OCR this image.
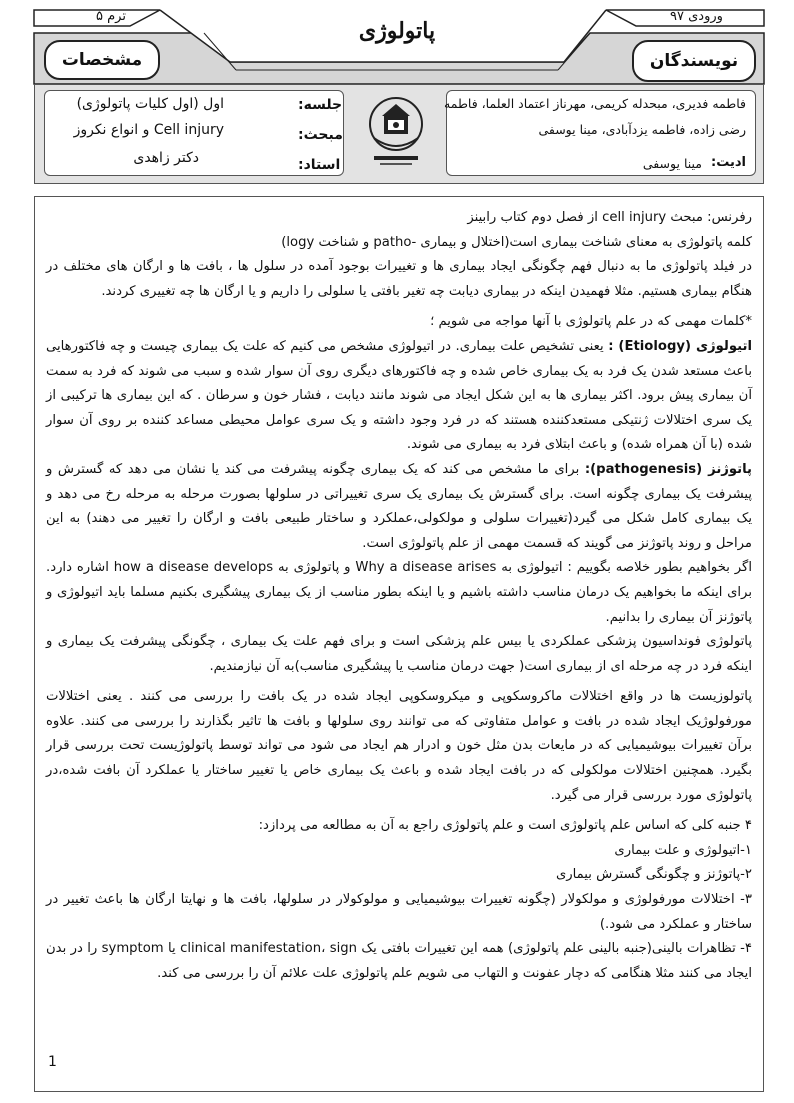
ترم ۵	ورودی ۹۷
پاتولوژی
مشخصات	نویسندگان
جلسه:
اول (اول کلیات پاتولوژی)
مبحث:
Cell injury و انواع نکروز
استاد:
دکتر زاهدی
فاطمه فدیری، مبحدله کریمی، مهرناز اعتماد العلما، فاطمه
رضی زاده، فاطمه یزدآبادی، مینا یوسفی
ادیت:
مینا یوسفی

رفرنس: مبحث cell injury از فصل دوم کتاب رابینز

کلمه پاتولوژی به معنای شناخت بیماری است(اختلال و بیماری -patho و شناخت logy)

در فیلد پاتولوژی ما به دنبال فهم چگونگی ایجاد بیماری ها و تغییرات بوجود آمده در سلول ها ، بافت ها و ارگان های مختلف در هنگام بیماری هستیم. مثلا فهمیدن اینکه در بیماری دیابت چه تغیر بافتی یا سلولی را داریم و یا ارگان ها چه تغییری کردند.

*کلمات مهمی که در علم پاتولوژی با آنها مواجه می شویم ؛

اتیولوژی (Etiology) : یعنی تشخیص علت بیماری. در اتیولوژی مشخص می کنیم که علت یک بیماری چیست و چه فاکتورهایی باعث مستعد شدن یک فرد به یک بیماری خاص شده و چه فاکتورهای دیگری روی آن سوار شده و سبب می شوند که فرد به سمت آن بیماری پیش برود. اکثر بیماری ها به این شکل ایجاد می شوند مانند دیابت ، فشار خون و سرطان . که این بیماری ها ترکیبی از یک سری اختلالات ژنتیکی مستعدکننده هستند که در فرد وجود داشته و یک سری عوامل محیطی مساعد کننده بر روی آن سوار شده (با آن همراه شده) و باعث ابتلای فرد به بیماری می شوند.

پاتوژنز (pathogenesis): برای ما مشخص می کند که یک بیماری چگونه پیشرفت می کند یا نشان می دهد که گسترش و پیشرفت یک بیماری چگونه است. برای گسترش یک بیماری یک سری تغییراتی در سلولها بصورت مرحله به مرحله رخ می دهد و یک بیماری کامل شکل می گیرد(تغییرات سلولی و مولکولی،عملکرد و ساختار طبیعی بافت و ارگان را تغییر می دهند) به این مراحل و روند پاتوژنز می گویند که قسمت مهمی از علم پاتولوژی است.

اگر بخواهیم بطور خلاصه بگوییم : اتیولوژی به Why a disease arises و پاتولوژی به how a disease develops اشاره دارد. برای اینکه ما بخواهیم یک درمان مناسب داشته باشیم و یا اینکه بطور مناسب از یک بیماری پیشگیری بکنیم مسلما باید اتیولوژی و پاتوژنز آن بیماری را بدانیم.

پاتولوژی فونداسیون پزشکی عملکردی یا بیس علم پزشکی است و برای فهم علت یک بیماری ، چگونگی پیشرفت یک بیماری و اینکه فرد در چه مرحله ای از بیماری است( جهت درمان مناسب یا پیشگیری مناسب)به آن نیازمندیم.

پاتولوزیست ها در واقع اختلالات ماکروسکوپی و میکروسکوپی ایجاد شده در یک بافت را بررسی می کنند . یعنی اختلالات مورفولوژیک ایجاد شده در بافت و عوامل متفاوتی که می توانند روی سلولها و بافت ها تاثیر بگذارند را بررسی می کنند. علاوه برآن تغییرات بیوشیمیایی که در مایعات بدن مثل خون و ادرار هم ایجاد می شود می تواند توسط پاتولوژیست تحت بررسی قرار بگیرد. همچنین اختلالات مولکولی که در بافت ایجاد شده و باعث یک بیماری خاص یا تغییر ساختار یا عملکرد آن بافت شده،در پاتولوژی مورد بررسی قرار می گیرد.

۴ جنبه کلی که اساس علم پاتولوژی است و علم پاتولوژی راجع به آن به مطالعه می پردازد:

۱-اتیولوژی و علت بیماری

۲-پاتوژنز و چگونگی گسترش بیماری

۳- اختلالات مورفولوژی و مولکولار (چگونه تغییرات بیوشیمیایی و مولوکولار در سلولها، بافت ها و نهایتا ارگان ها باعث تغییر در ساختار و عملکرد می شود.)

۴- تظاهرات بالینی(جنبه بالینی علم پاتولوژی) همه این تغییرات بافتی یک clinical manifestation، sign یا symptom را در بدن ایجاد می کنند مثلا هنگامی که دچار عفونت و التهاب می شویم علم پاتولوژی علت علائم آن را بررسی می کند.

1
